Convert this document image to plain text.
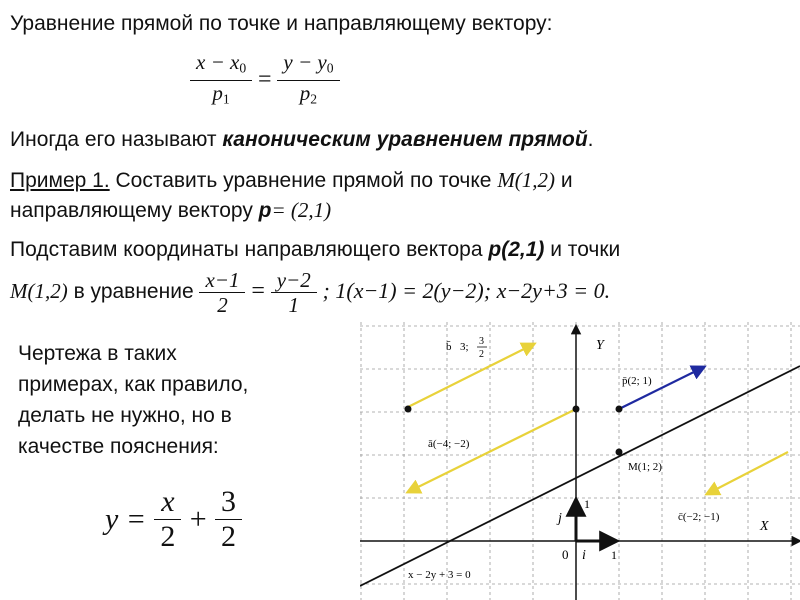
Уравнение прямой по точке и направляющему вектору:
$\frac{x - x_0}{p_1} = \frac{y - y_0}{p_2}$
Иногда его называют каноническим уравнением прямой.
Пример 1. Составить уравнение прямой по точке M(1,2) и
направляющему вектору p= (2,1)
Подставим координаты направляющего вектора p(2,1) и точки
M(1,2) в уравнение $\frac{x-1}{2} = \frac{y-2}{1}$ ; 1(x−1) = 2(y−2); x−2y+3 = 0.
Чертежа в таких
примерах, как правило,
делать не нужно, но в
качестве пояснения:
$y = \frac{x}{2} + \frac{3}{2}$
Y
X
0
j
i
1
1
x − 2y + 3 = 0
b̄ 3; 3
2
ā(−4; −2)
p̄(2; 1)
M(1; 2)
c̄(−2; −1)
